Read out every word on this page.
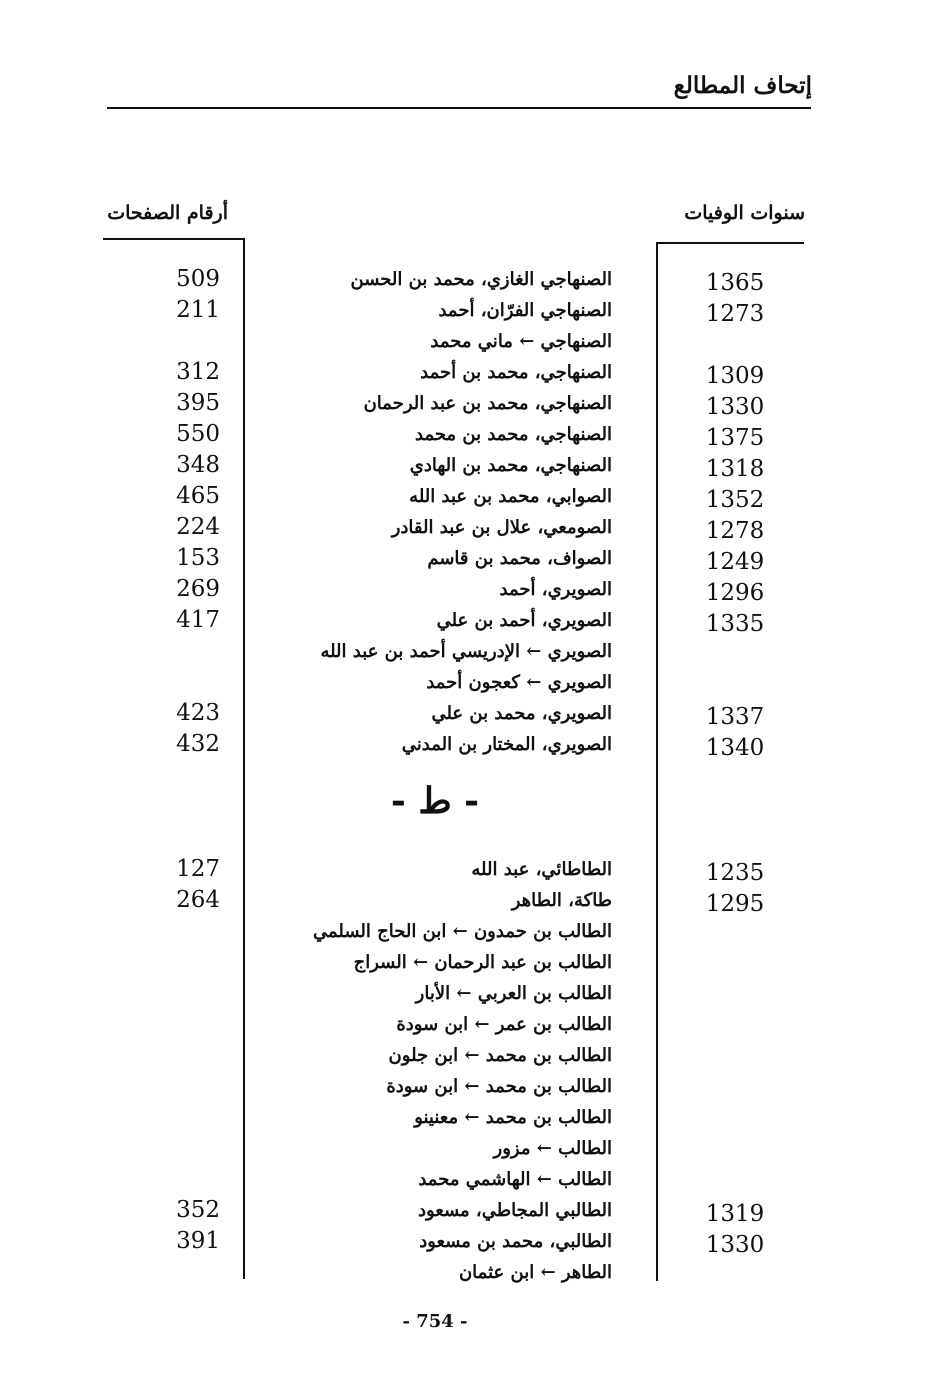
إتحاف المطالع
سنوات الوفيات
أرقام الصفحات
509	الصنهاجي الغازي، محمد بن الحسن	1365
211	الصنهاجي الفرّان، أحمد	1273
الصنهاجي ← ماني محمد
312	الصنهاجي، محمد بن أحمد	1309
395	الصنهاجي، محمد بن عبد الرحمان	1330
550	الصنهاجي، محمد بن محمد	1375
348	الصنهاجي، محمد بن الهادي	1318
465	الصوابي، محمد بن عبد الله	1352
224	الصومعي، علال بن عبد القادر	1278
153	الصواف، محمد بن قاسم	1249
269	الصويري، أحمد	1296
417	الصويري، أحمد بن علي	1335
الصويري ← الإدريسي أحمد بن عبد الله
الصويري ← كعجون أحمد
423	الصويري، محمد بن علي	1337
432	الصويري، المختار بن المدني	1340
127	الطاطائي، عبد الله	1235
264	طاكة، الطاهر	1295
الطالب بن حمدون ← ابن الحاج السلمي
الطالب بن عبد الرحمان ← السراج
الطالب بن العربي ← الأبار
الطالب بن عمر ← ابن سودة
الطالب بن محمد ← ابن جلون
الطالب بن محمد ← ابن سودة
الطالب بن محمد ← معنينو
الطالب ← مزور
الطالب ← الهاشمي محمد
352	الطالبي المجاطي، مسعود	1319
391	الطالبي، محمد بن مسعود	1330
الطاهر ← ابن عثمان
- ط -
- 754 -
